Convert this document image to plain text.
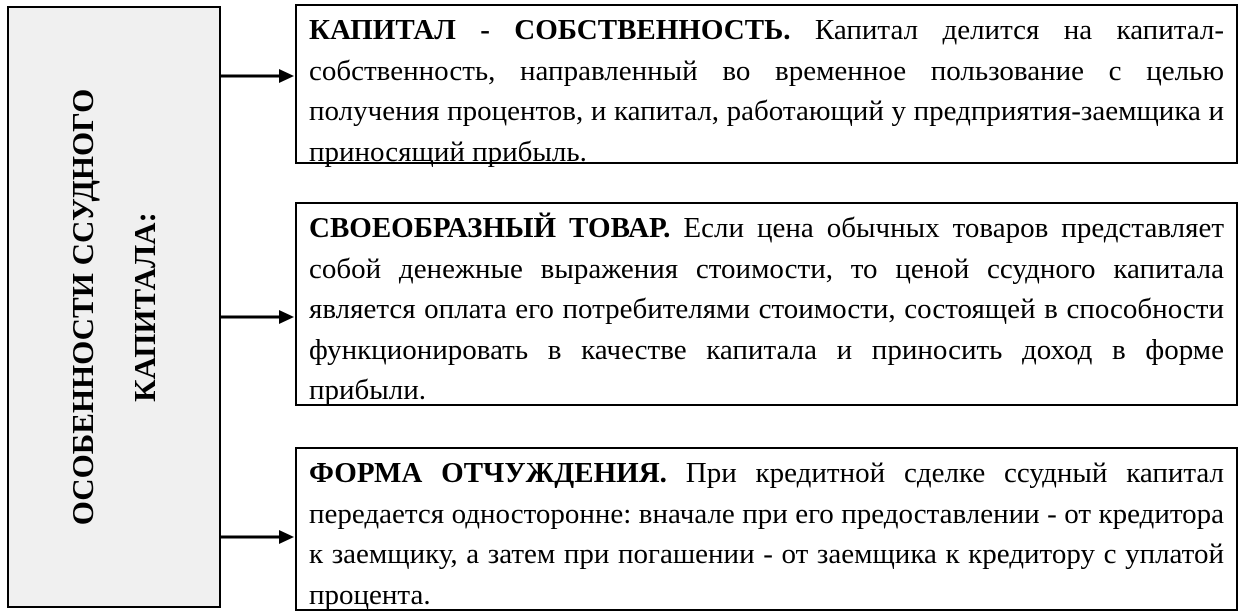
ОСОБЕННОСТИ ССУДНОГО КАПИТАЛА:
КАПИТАЛ - СОБСТВЕННОСТЬ. Капитал делится на капитал-собственность, направленный во временное пользование с целью получения процентов, и капитал, работающий у предприятия-заемщика и приносящий прибыль.
СВОЕОБРАЗНЫЙ ТОВАР. Если цена обычных товаров представляет собой денежные выражения стоимости, то ценой ссудного капитала является оплата его потребителями стоимости, состоящей в способности функционировать в качестве капитала и приносить доход в форме прибыли.
ФОРМА ОТЧУЖДЕНИЯ. При кредитной сделке ссудный капитал передается односторонне: вначале при его предоставлении - от кредитора к заемщику, а затем при погашении - от заемщика к кредитору с уплатой процента.
